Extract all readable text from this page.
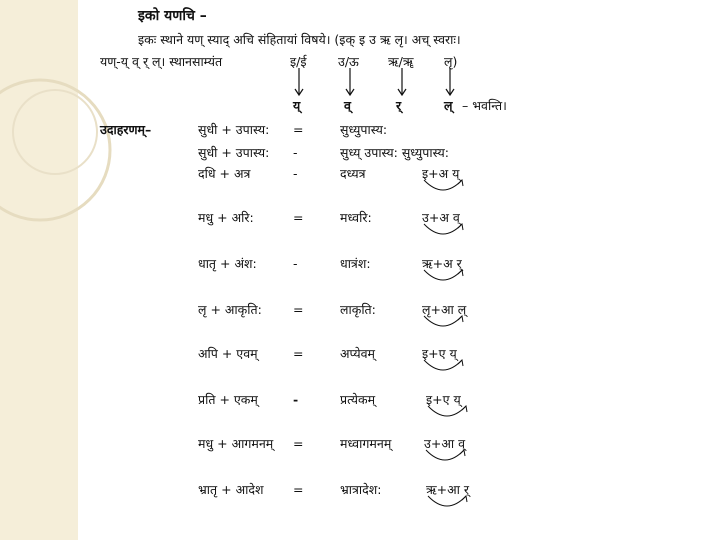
इको यणचि –
इकः स्थाने यण् स्याद् अचि संहितायां विषये। (इक् इ उ ऋ लृ। अच् स्वराः।
यण्-य् व् र् ल्। स्थानसाम्यंत	इ/ई	उ/ऊ ऋ/ॠ लृ)
य्	व्	र्	ल् – भवन्ति।
उदाहरणम्–	सुधी + उपास्य: =	सुध्युपास्य:
सुधी + उपास्य: -	सुध्य् उपास्य: सुध्युपास्य:
दधि + अत्र	-	दध्यत्र	इ+अ य्
मधु + अरि:	=	मध्वरि:	उ+अ व्
धातृ + अंश:	-	धात्रंश:	ऋ+अ र्
लृ + आकृति: =	लाकृति:	लृ+आ ल्
अपि + एवम्	=	अप्येवम्	इ+ए य्
प्रति + एकम्	-	प्रत्येकम्	इ+ए य्
मधु + आगमनम् =	मध्वागमनम्	उ+आ व्
भ्रातृ + आदेश =	भ्रात्रादेश:	ऋ+आ र्
